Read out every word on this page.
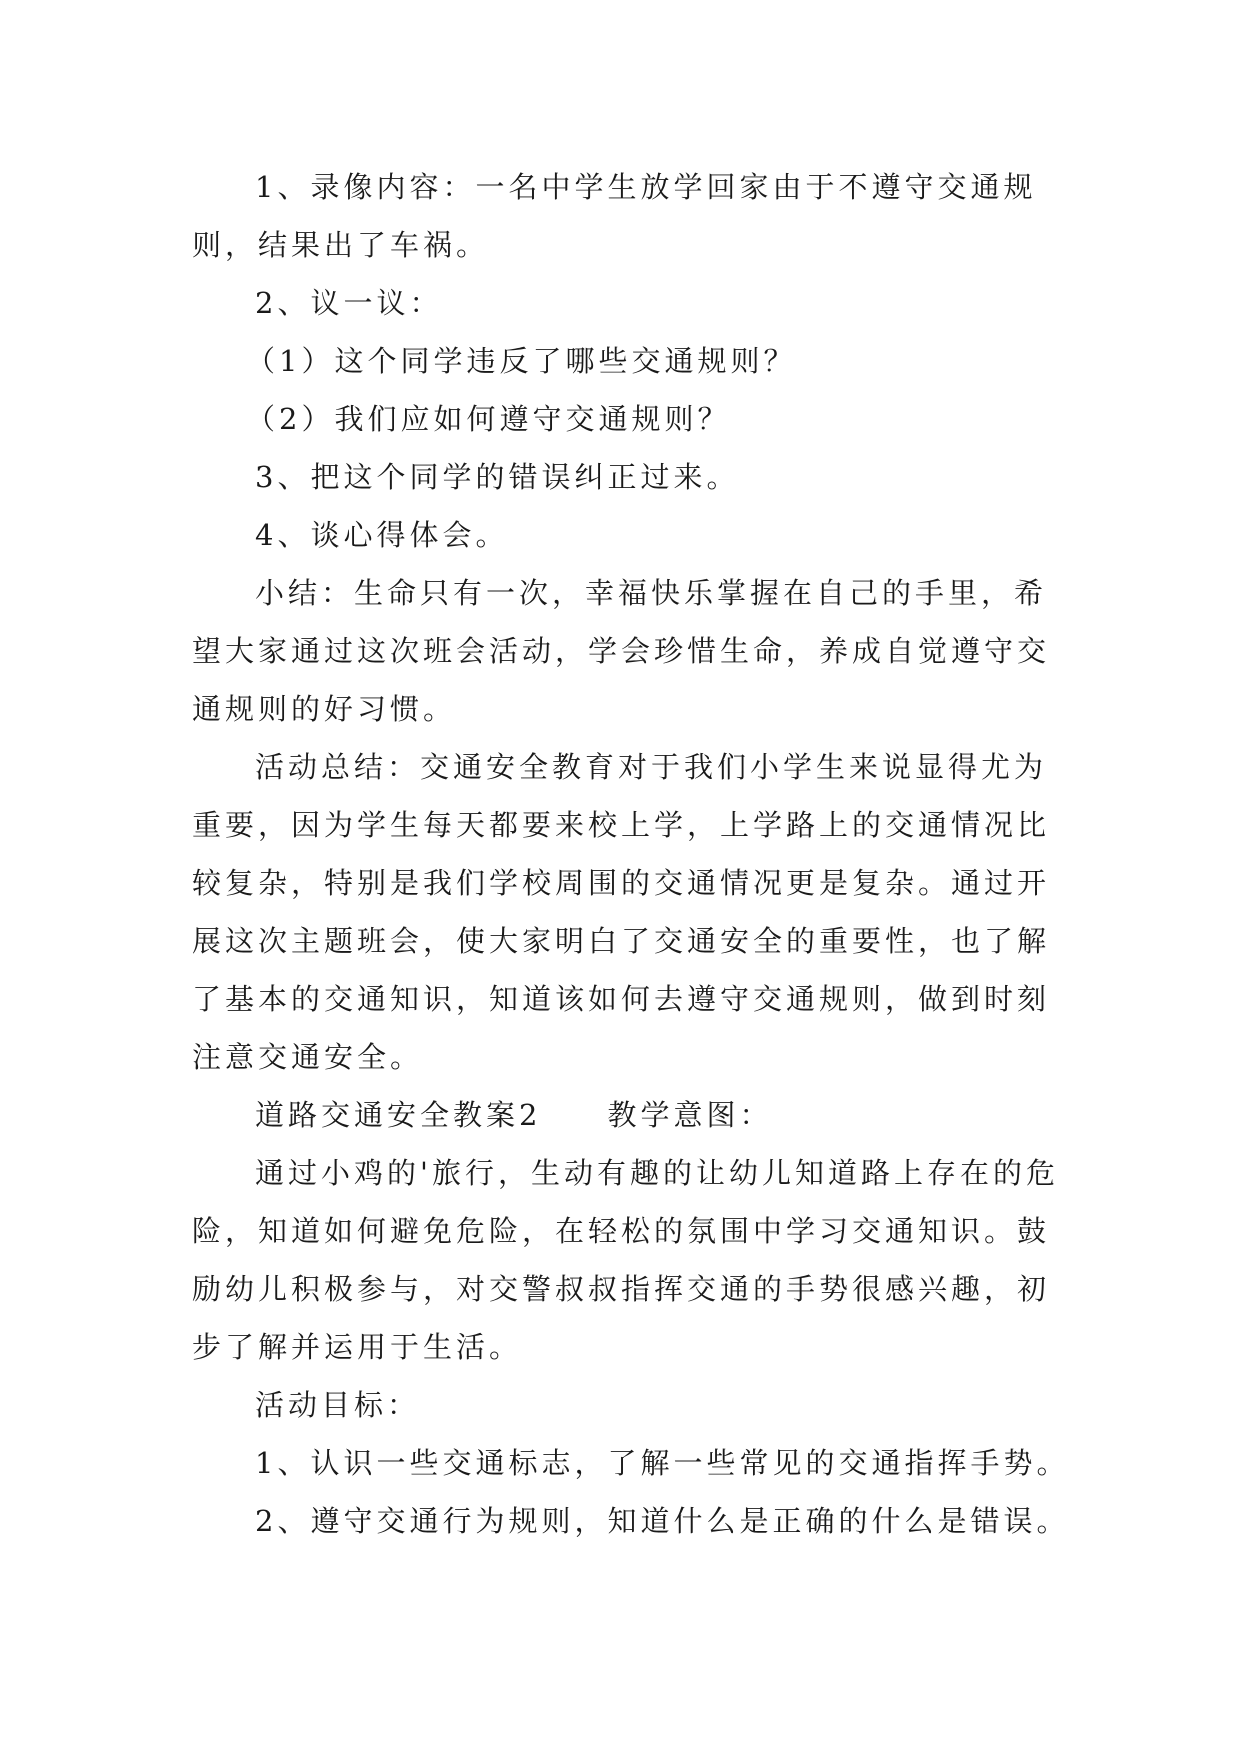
1、录像内容：一名中学生放学回家由于不遵守交通规则，结果出了车祸。

2、议一议：

（1）这个同学违反了哪些交通规则？

（2）我们应如何遵守交通规则？

3、把这个同学的错误纠正过来。

4、谈心得体会。

小结：生命只有一次，幸福快乐掌握在自己的手里，希望大家通过这次班会活动，学会珍惜生命，养成自觉遵守交通规则的好习惯。

活动总结：交通安全教育对于我们小学生来说显得尤为重要，因为学生每天都要来校上学，上学路上的交通情况比较复杂，特别是我们学校周围的交通情况更是复杂。通过开展这次主题班会，使大家明白了交通安全的重要性，也了解了基本的交通知识，知道该如何去遵守交通规则，做到时刻注意交通安全。

道路交通安全教案2　　教学意图：

通过小鸡的'旅行，生动有趣的让幼儿知道路上存在的危险，知道如何避免危险，在轻松的氛围中学习交通知识。鼓励幼儿积极参与，对交警叔叔指挥交通的手势很感兴趣，初步了解并运用于生活。

活动目标：

1、认识一些交通标志，了解一些常见的交通指挥手势。

2、遵守交通行为规则，知道什么是正确的什么是错误。
